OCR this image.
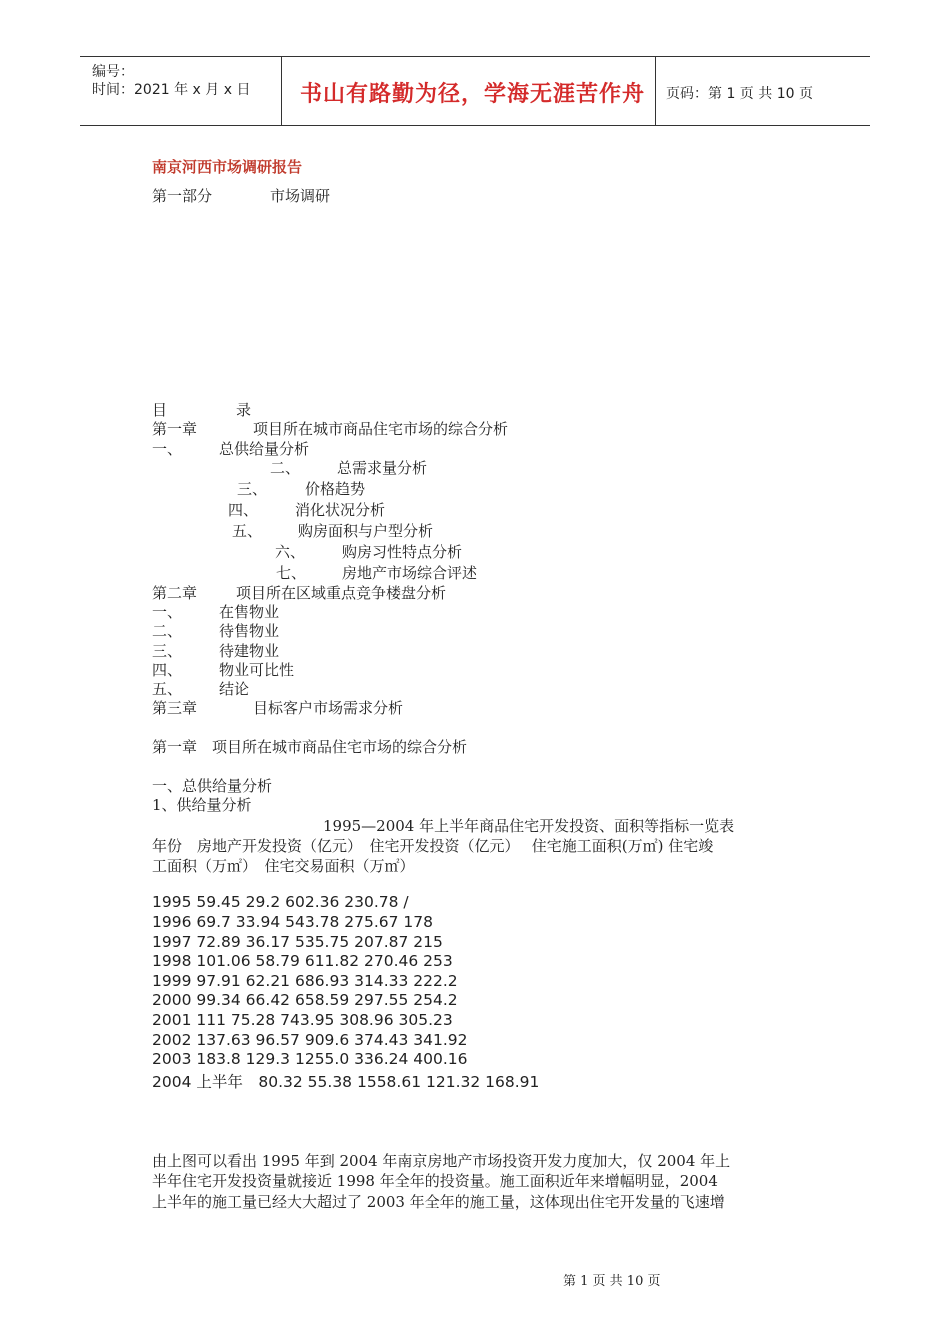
编号：
时间：2021 年 x 月 x 日 书山有路勤为径，学海无涯苦作舟 页码：第 1 页 共 10 页
南京河西市场调研报告
第一部分	市场调研
目	录
第一章	项目所在城市商品住宅市场的综合分析
一、 总供给量分析
二、 总需求量分析
三、	价格趋势
四、 消化状况分析
五、 购房面积与户型分析
六、 购房习性特点分析
七、 房地产市场综合评述
第二章	项目所在区域重点竞争楼盘分析
一、 在售物业
二、 待售物业
三、 待建物业
四、 物业可比性
五、 结论
第三章	目标客户市场需求分析
第一章　项目所在城市商品住宅市场的综合分析
一、总供给量分析
1、供给量分析
1995—2004 年上半年商品住宅开发投资、面积等指标一览表
年份　房地产开发投资（亿元）　住宅开发投资（亿元）　 住宅施工面积(万㎡) 住宅竣
工面积（万㎡）　住宅交易面积（万㎡）
1995 59.45 29.2 602.36 230.78 /
1996 69.7 33.94 543.78 275.67 178
1997 72.89 36.17 535.75 207.87 215
1998 101.06 58.79 611.82 270.46 253
1999 97.91 62.21 686.93 314.33 222.2
2000 99.34 66.42 658.59 297.55 254.2
2001 111 75.28 743.95 308.96 305.23
2002 137.63 96.57 909.6 374.43 341.92
2003 183.8 129.3 1255.0 336.24 400.16
2004 上半年　80.32 55.38 1558.61 121.32 168.91
由上图可以看出 1995 年到 2004 年南京房地产市场投资开发力度加大，仅 2004 年上
半年住宅开发投资量就接近 1998 年全年的投资量。施工面积近年来增幅明显，2004
上半年的施工量已经大大超过了 2003 年全年的施工量，这体现出住宅开发量的飞速增
第 1 页 共 10 页
